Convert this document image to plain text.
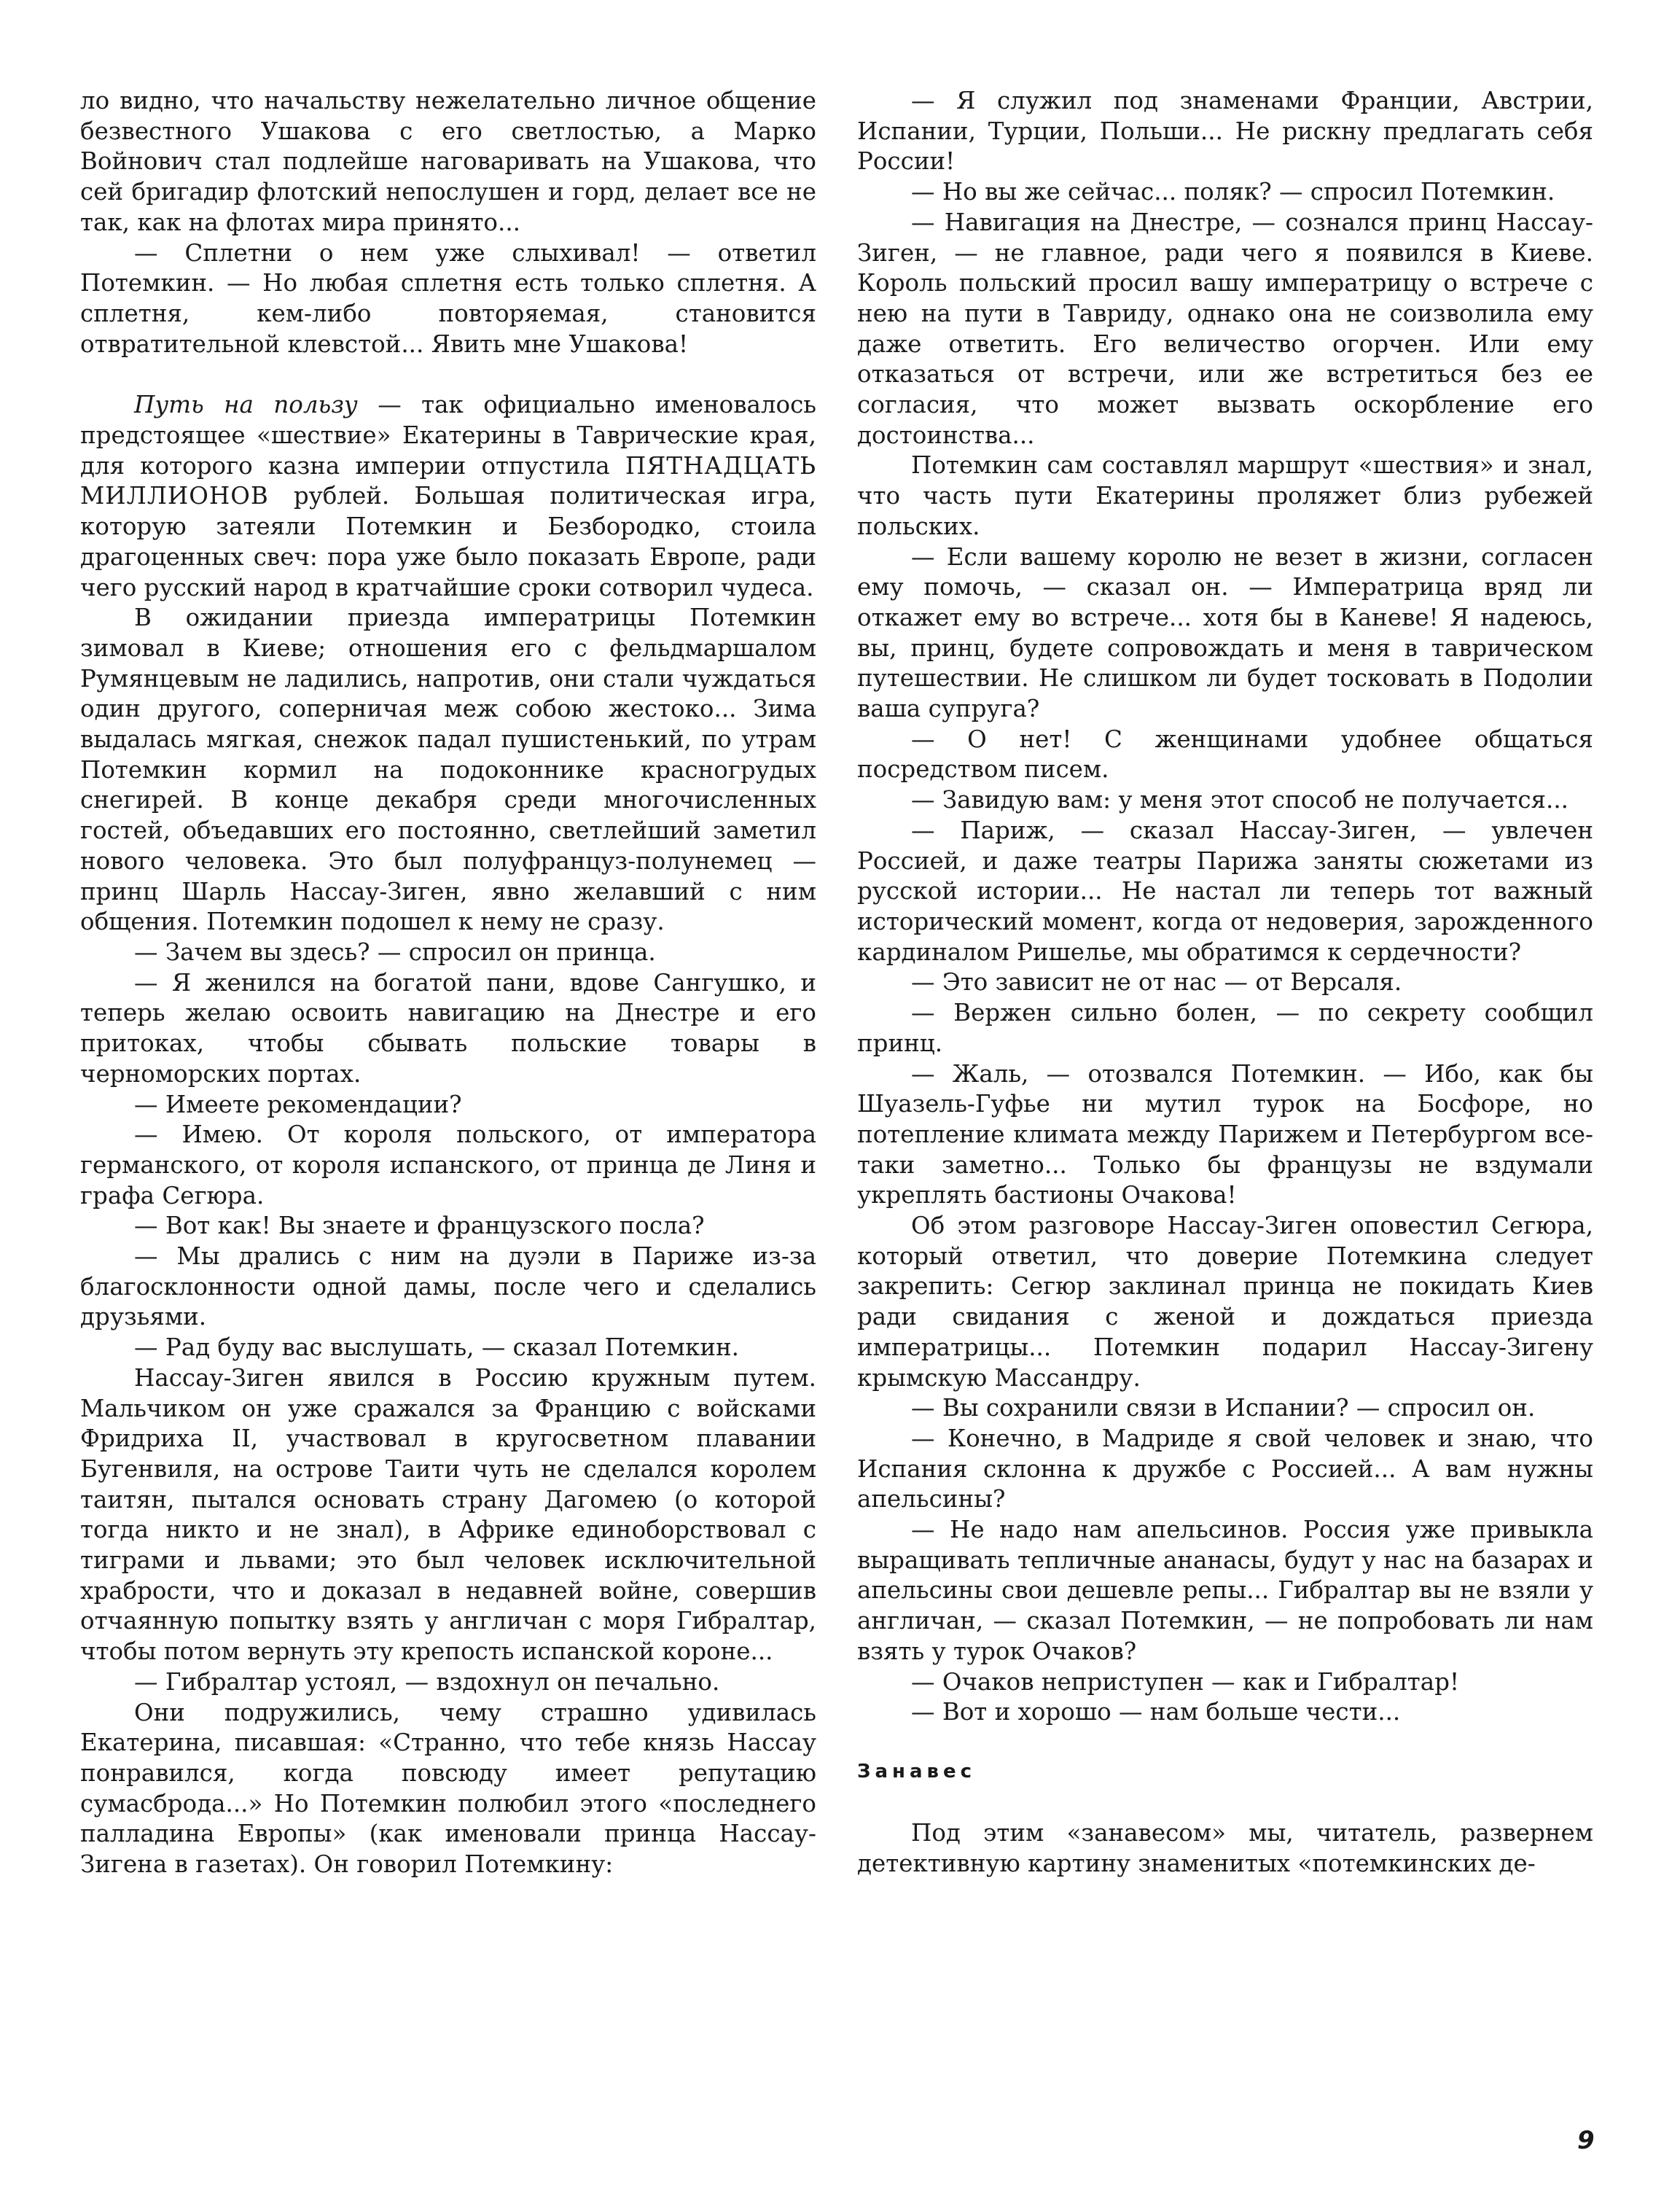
ло видно, что начальству нежелательно личное общение безвестного Ушакова с его светлостью, а Марко Войнович стал подлейше наговаривать на Ушакова, что сей бригадир флотский непослушен и горд, делает все не так, как на флотах мира принято...

— Сплетни о нем уже слыхивал! — ответил Потемкин. — Но любая сплетня есть только сплетня. А сплетня, кем-либо повторяемая, становится отвратительной клевстой... Явить мне Ушакова!

Путь на пользу — так официально именовалось предстоящее «шествие» Екатерины в Таврические края, для которого казна империи отпустила ПЯТНАДЦАТЬ МИЛЛИОНОВ рублей. Большая политическая игра, которую затеяли Потемкин и Безбородко, стоила драгоценных свеч: пора уже было показать Европе, ради чего русский народ в кратчайшие сроки сотворил чудеса.

В ожидании приезда императрицы Потемкин зимовал в Киеве; отношения его с фельдмаршалом Румянцевым не ладились, напротив, они стали чуждаться один другого, соперничая меж собою жестоко... Зима выдалась мягкая, снежок падал пушистенький, по утрам Потемкин кормил на подоконнике красногрудых снегирей. В конце декабря среди многочисленных гостей, объедавших его постоянно, светлейший заметил нового человека. Это был полуфранцуз-полунемец — принц Шарль Нассау-Зиген, явно желавший с ним общения. Потемкин подошел к нему не сразу.

— Зачем вы здесь? — спросил он принца.

— Я женился на богатой пани, вдове Сангушко, и теперь желаю освоить навигацию на Днестре и его притоках, чтобы сбывать польские товары в черноморских портах.

— Имеете рекомендации?

— Имею. От короля польского, от императора германского, от короля испанского, от принца де Линя и графа Сегюра.

— Вот как! Вы знаете и французского посла?

— Мы дрались с ним на дуэли в Париже из-за благосклонности одной дамы, после чего и сделались друзьями.

— Рад буду вас выслушать, — сказал Потемкин.

Нассау-Зиген явился в Россию кружным путем. Мальчиком он уже сражался за Францию с войсками Фридриха II, участвовал в кругосветном плавании Бугенвиля, на острове Таити чуть не сделался королем таитян, пытался основать страну Дагомею (о которой тогда никто и не знал), в Африке единоборствовал с тиграми и львами; это был человек исключительной храбрости, что и доказал в недавней войне, совершив отчаянную попытку взять у англичан с моря Гибралтар, чтобы потом вернуть эту крепость испанской короне...

— Гибралтар устоял, — вздохнул он печально.

Они подружились, чему страшно удивилась Екатерина, писавшая: «Странно, что тебе князь Нассау понравился, когда повсюду имеет репутацию сумасброда...» Но Потемкин полюбил этого «последнего палладина Европы» (как именовали принца Нассау-Зигена в газетах). Он говорил Потемкину:

— Я служил под знаменами Франции, Австрии, Испании, Турции, Польши... Не рискну предлагать себя России!

— Но вы же сейчас... поляк? — спросил Потемкин.

— Навигация на Днестре, — сознался принц Нассау-Зиген, — не главное, ради чего я появился в Киеве. Король польский просил вашу императрицу о встрече с нею на пути в Тавриду, однако она не соизволила ему даже ответить. Его величество огорчен. Или ему отказаться от встречи, или же встретиться без ее согласия, что может вызвать оскорбление его достоинства...

Потемкин сам составлял маршрут «шествия» и знал, что часть пути Екатерины проляжет близ рубежей польских.

— Если вашему королю не везет в жизни, согласен ему помочь, — сказал он. — Императрица вряд ли откажет ему во встрече... хотя бы в Каневе! Я надеюсь, вы, принц, будете сопровождать и меня в таврическом путешествии. Не слишком ли будет тосковать в Подолии ваша супруга?

— О нет! С женщинами удобнее общаться посредством писем.

— Завидую вам: у меня этот способ не получается...

— Париж, — сказал Нассау-Зиген, — увлечен Россией, и даже театры Парижа заняты сюжетами из русской истории... Не настал ли теперь тот важный исторический момент, когда от недоверия, зарожденного кардиналом Ришелье, мы обратимся к сердечности?

— Это зависит не от нас — от Версаля.

— Вержен сильно болен, — по секрету сообщил принц.

— Жаль, — отозвался Потемкин. — Ибо, как бы Шуазель-Гуфье ни мутил турок на Босфоре, но потепление климата между Парижем и Петербургом все-таки заметно... Только бы французы не вздумали укреплять бастионы Очакова!

Об этом разговоре Нассау-Зиген оповестил Сегюра, который ответил, что доверие Потемкина следует закрепить: Сегюр заклинал принца не покидать Киев ради свидания с женой и дождаться приезда императрицы... Потемкин подарил Нассау-Зигену крымскую Массандру.

— Вы сохранили связи в Испании? — спросил он.

— Конечно, в Мадриде я свой человек и знаю, что Испания склонна к дружбе с Россией... А вам нужны апельсины?

— Не надо нам апельсинов. Россия уже привыкла выращивать тепличные ананасы, будут у нас на базарах и апельсины свои дешевле репы... Гибралтар вы не взяли у англичан, — сказал Потемкин, — не попробовать ли нам взять у турок Очаков?

— Очаков неприступен — как и Гибралтар!

— Вот и хорошо — нам больше чести...

Занавес

Под этим «занавесом» мы, читатель, развернем детективную картину знаменитых «потемкинских де-

9
